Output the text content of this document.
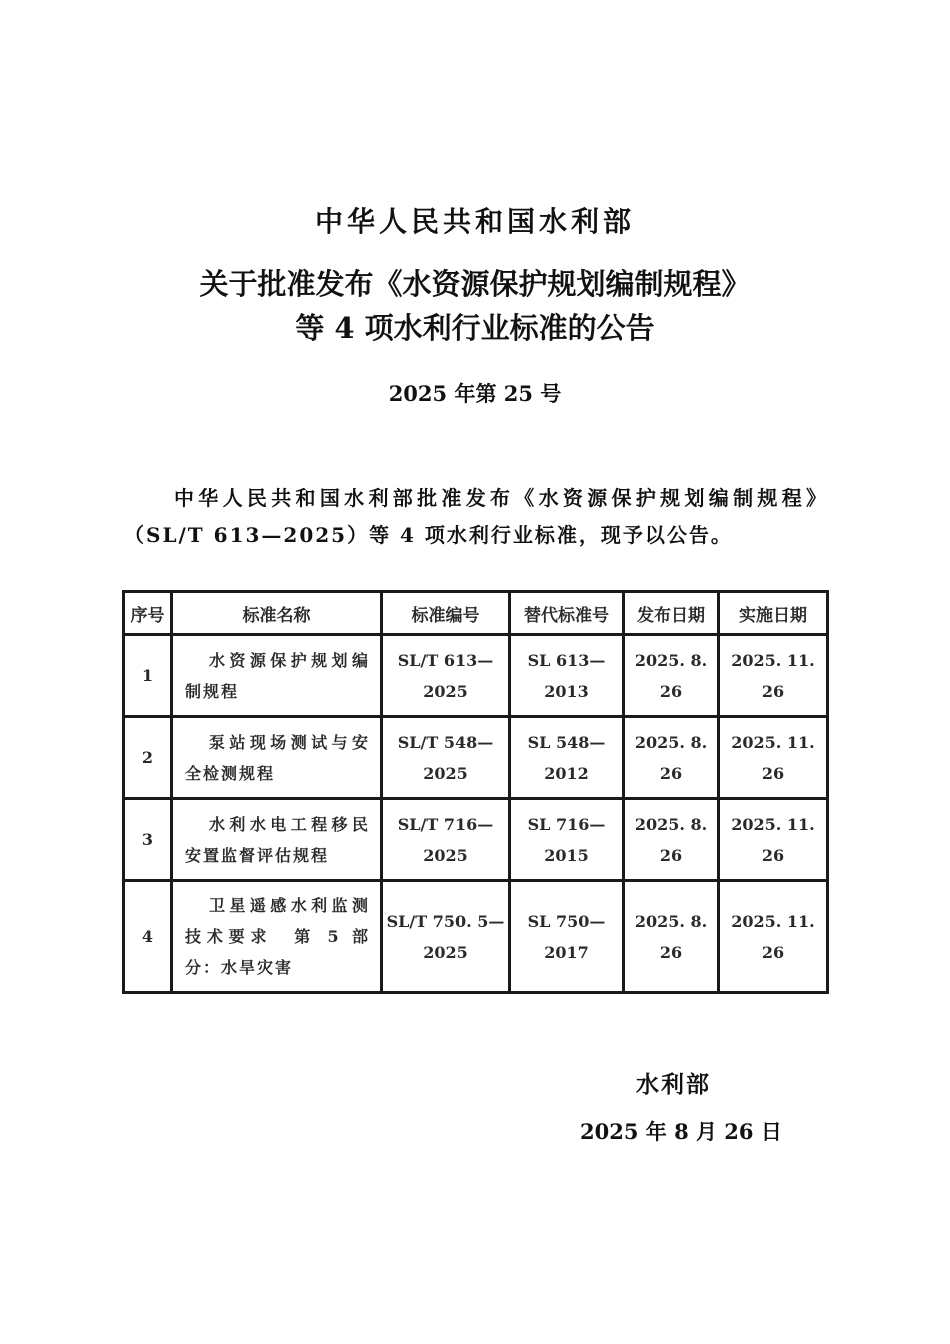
中华人民共和国水利部
关于批准发布《水资源保护规划编制规程》
等 4 项水利行业标准的公告
2025 年第 25 号
中华人民共和国水利部批准发布《水资源保护规划编制规程》（SL/T 613—2025）等 4 项水利行业标准，现予以公告。
序号	标准名称	标准编号	替代标准号	发布日期	实施日期
1	水资源保护规划编制规程	SL/T 613—2025	SL 613—2013	2025. 8. 26	2025. 11. 26
2	泵站现场测试与安全检测规程	SL/T 548—2025	SL 548—2012	2025. 8. 26	2025. 11. 26
3	水利水电工程移民安置监督评估规程	SL/T 716—2025	SL 716—2015	2025. 8. 26	2025. 11. 26
4	卫星遥感水利监测技术要求　第 5 部分：水旱灾害	SL/T 750. 5—2025	SL 750—2017	2025. 8. 26	2025. 11. 26
水利部
2025 年 8 月 26 日
